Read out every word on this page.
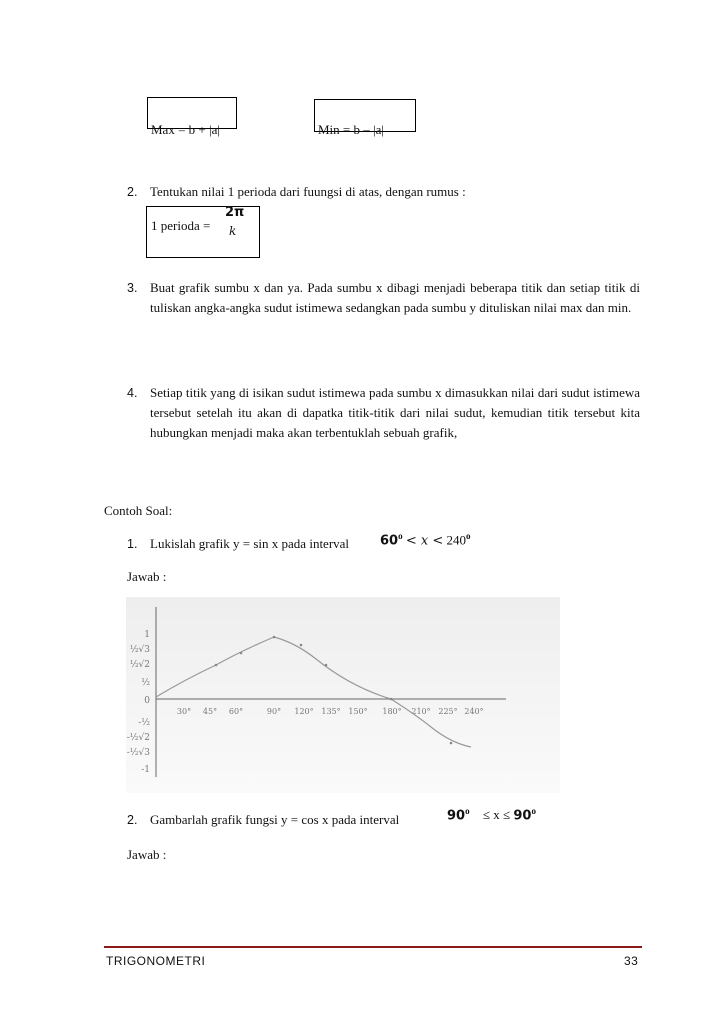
Max = b + |a|	Min = b – |a|
2. Tentukan nilai 1 perioda dari fuungsi di atas, dengan rumus :
1 perioda =
2π
k
3. Buat grafik sumbu x dan ya. Pada sumbu x dibagi menjadi beberapa titik dan setiap titik di tuliskan angka-angka sudut istimewa sedangkan pada sumbu y dituliskan nilai max dan min.
4. Setiap titik yang di isikan sudut istimewa pada sumbu x dimasukkan nilai dari sudut istimewa tersebut setelah itu akan di dapatka titik-titik dari nilai sudut, kemudian titik tersebut kita hubungkan menjadi maka akan terbentuklah sebuah grafik,
Contoh Soal:
1. Lukislah grafik y = sin x pada interval $60^o < x < 240^o$
Jawab :
1
½√3
½√2
½
0
-½
-½√2
-½√3
-1
30° 45° 60°	90° 120° 135° 150° 180° 210° 225° 240°
2. Gambarlah grafik fungsi y = cos x pada interval	$90^o \le x \le 90^o$
Jawab :
TRIGONOMETRI	33
